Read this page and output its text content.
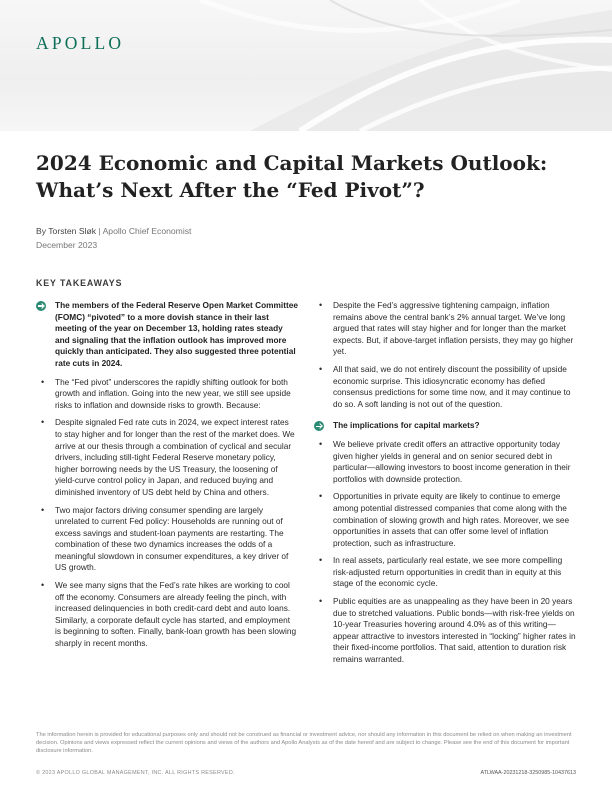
APOLLO
2024 Economic and Capital Markets Outlook: What’s Next After the “Fed Pivot”?
By Torsten Sløk | Apollo Chief Economist
December 2023
KEY TAKEAWAYS
The members of the Federal Reserve Open Market Committee (FOMC) “pivoted” to a more dovish stance in their last meeting of the year on December 13, holding rates steady and signaling that the inflation outlook has improved more quickly than anticipated. They also suggested three potential rate cuts in 2024.
• The “Fed pivot” underscores the rapidly shifting outlook for both growth and inflation. Going into the new year, we still see upside risks to inflation and downside risks to growth. Because:
• Despite signaled Fed rate cuts in 2024, we expect interest rates to stay higher and for longer than the rest of the market does. We arrive at our thesis through a combination of cyclical and secular drivers, including still-tight Federal Reserve monetary policy, higher borrowing needs by the US Treasury, the loosening of yield-curve control policy in Japan, and reduced buying and diminished inventory of US debt held by China and others.
• Two major factors driving consumer spending are largely unrelated to current Fed policy: Households are running out of excess savings and student-loan payments are restarting. The combination of these two dynamics increases the odds of a meaningful slowdown in consumer expenditures, a key driver of US growth.
• We see many signs that the Fed’s rate hikes are working to cool off the economy. Consumers are already feeling the pinch, with increased delinquencies in both credit-card debt and auto loans. Similarly, a corporate default cycle has started, and employment is beginning to soften. Finally, bank-loan growth has been slowing sharply in recent months.
• Despite the Fed’s aggressive tightening campaign, inflation remains above the central bank’s 2% annual target. We’ve long argued that rates will stay higher and for longer than the market expects. But, if above-target inflation persists, they may go higher yet.
• All that said, we do not entirely discount the possibility of upside economic surprise. This idiosyncratic economy has defied consensus predictions for some time now, and it may continue to do so. A soft landing is not out of the question.
The implications for capital markets?
• We believe private credit offers an attractive opportunity today given higher yields in general and on senior secured debt in particular—allowing investors to boost income generation in their portfolios with downside protection.
• Opportunities in private equity are likely to continue to emerge among potential distressed companies that come along with the combination of slowing growth and high rates. Moreover, we see opportunities in assets that can offer some level of inflation protection, such as infrastructure.
• In real assets, particularly real estate, we see more compelling risk-adjusted return opportunities in credit than in equity at this stage of the economic cycle.
• Public equities are as unappealing as they have been in 20 years due to stretched valuations. Public bonds—with risk-free yields on 10-year Treasuries hovering around 4.0% as of this writing—appear attractive to investors interested in “locking” higher rates in their fixed-income portfolios. That said, attention to duration risk remains warranted.
The information herein is provided for educational purposes only and should not be construed as financial or investment advice, nor should any information in this document be relied on when making an investment decision. Opinions and views expressed reflect the current opinions and views of the authors and Apollo Analysts as of the date hereof and are subject to change. Please see the end of this document for important disclosure information.
© 2023 APOLLO GLOBAL MANAGEMENT, INC. ALL RIGHTS RESERVED.	ATLWAA-20231218-3250985-10437613
